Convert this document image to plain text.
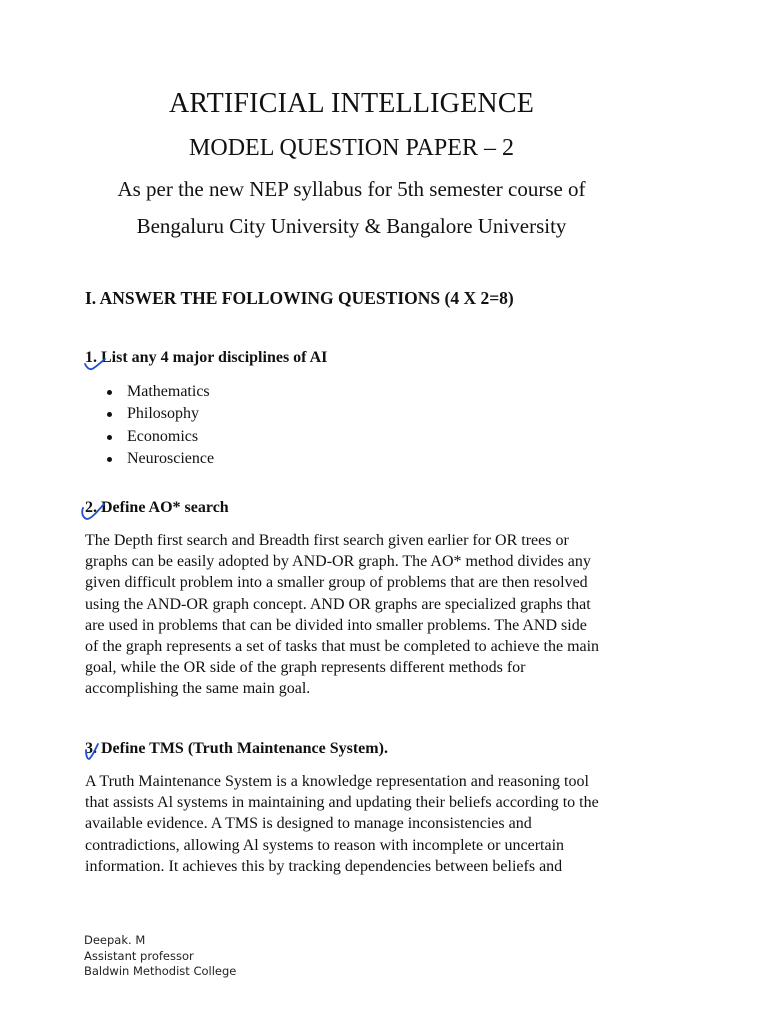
ARTIFICIAL INTELLIGENCE
MODEL QUESTION PAPER – 2
As per the new NEP syllabus for 5th semester course of
Bengaluru City University & Bangalore University
I. ANSWER THE FOLLOWING QUESTIONS (4 X 2=8)
1. List any 4 major disciplines of AI
Mathematics
Philosophy
Economics
Neuroscience
2. Define AO* search
The Depth first search and Breadth first search given earlier for OR trees or
graphs can be easily adopted by AND-OR graph. The AO* method divides any
given difficult problem into a smaller group of problems that are then resolved
using the AND-OR graph concept. AND OR graphs are specialized graphs that
are used in problems that can be divided into smaller problems. The AND side
of the graph represents a set of tasks that must be completed to achieve the main
goal, while the OR side of the graph represents different methods for
accomplishing the same main goal.
3. Define TMS (Truth Maintenance System).
A Truth Maintenance System is a knowledge representation and reasoning tool
that assists Al systems in maintaining and updating their beliefs according to the
available evidence. A TMS is designed to manage inconsistencies and
contradictions, allowing Al systems to reason with incomplete or uncertain
information. It achieves this by tracking dependencies between beliefs and
Deepak. M
Assistant professor
Baldwin Methodist College
